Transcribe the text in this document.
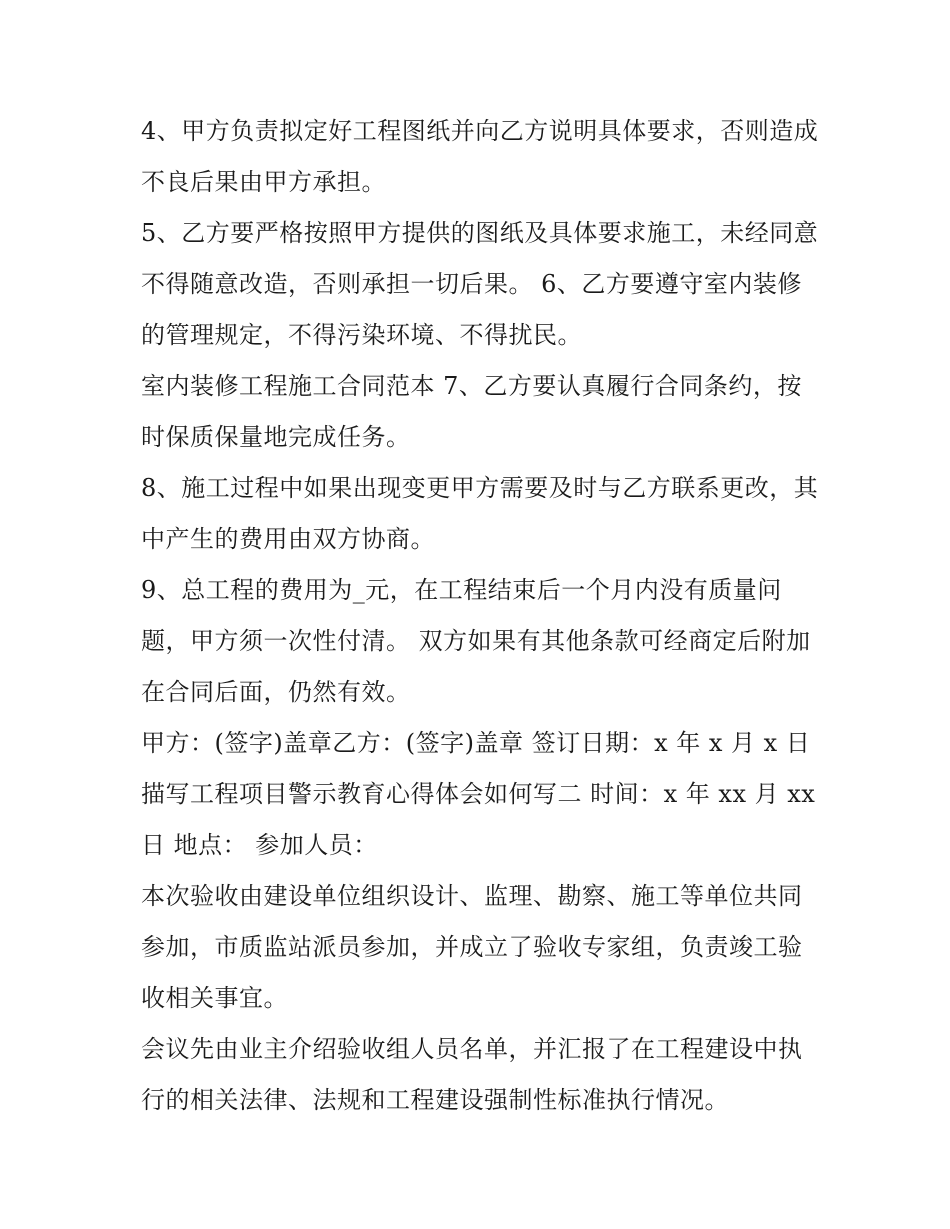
4、甲方负责拟定好工程图纸并向乙方说明具体要求，否则造成不良后果由甲方承担。

5、乙方要严格按照甲方提供的图纸及具体要求施工，未经同意不得随意改造，否则承担一切后果。 6、乙方要遵守室内装修的管理规定，不得污染环境、不得扰民。

室内装修工程施工合同范本 7、乙方要认真履行合同条约，按时保质保量地完成任务。

8、施工过程中如果出现变更甲方需要及时与乙方联系更改，其中产生的费用由双方协商。

9、总工程的费用为_元，在工程结束后一个月内没有质量问题，甲方须一次性付清。 双方如果有其他条款可经商定后附加在合同后面，仍然有效。

甲方：(签字)盖章乙方：(签字)盖章 签订日期：x 年 x 月 x 日 描写工程项目警示教育心得体会如何写二 时间：x 年 xx 月 xx 日 地点： 参加人员：

本次验收由建设单位组织设计、监理、勘察、施工等单位共同参加，市质监站派员参加，并成立了验收专家组，负责竣工验收相关事宜。

会议先由业主介绍验收组人员名单，并汇报了在工程建设中执行的相关法律、法规和工程建设强制性标准执行情况。
